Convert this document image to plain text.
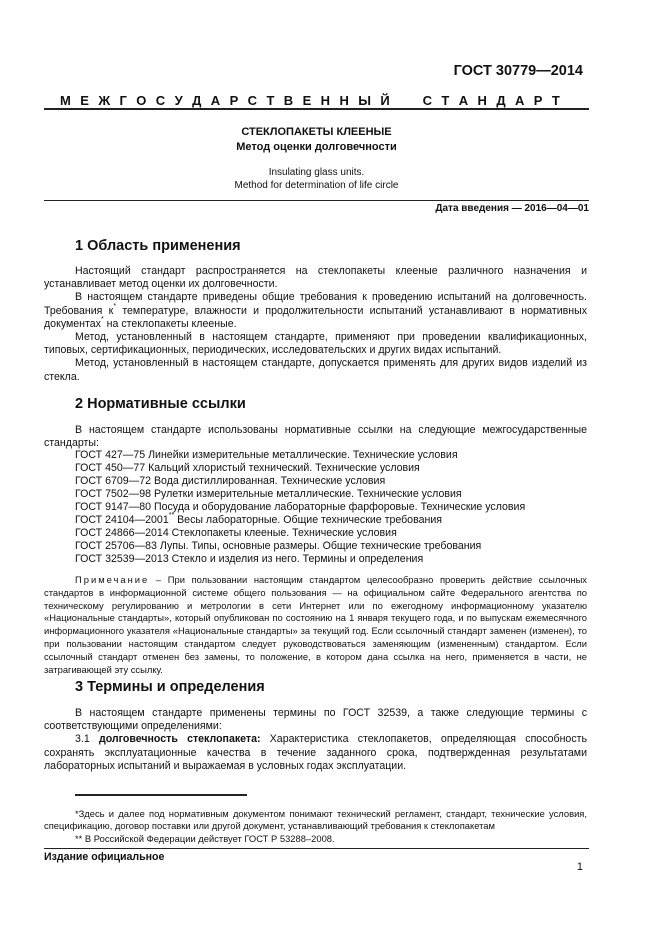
ГОСТ 30779—2014
М Е Ж Г О С У Д А Р С Т В Е Н Н Ы Й	С Т А Н Д А Р Т
СТЕКЛОПАКЕТЫ КЛЕЕНЫЕ
Метод оценки долговечности
Insulating glass units.
Method for determination of life circle
Дата введения — 2016—04—01
1 Область применения

Настоящий стандарт распространяется на стеклопакеты клееные различного назначения и устанавливает метод оценки их долговечности.

В настоящем стандарте приведены общие требования к проведению испытаний на долговечность. Требования к* температуре, влажности и продолжительности испытаний устанавливают в нормативных документах* на стеклопакеты клееные.

Метод, установленный в настоящем стандарте, применяют при проведении квалификационных, типовых, сертификационных, периодических, исследовательских и других видах испытаний.

Метод, установленный в настоящем стандарте, допускается применять для других видов изделий из стекла.

2 Нормативные ссылки

В настоящем стандарте использованы нормативные ссылки на следующие межгосударственные стандарты:

ГОСТ 427—75 Линейки измерительные металлические. Технические условия
ГОСТ 450—77 Кальций хлористый технический. Технические условия
ГОСТ 6709—72 Вода дистиллированная. Технические условия
ГОСТ 7502—98 Рулетки измерительные металлические. Технические условия
ГОСТ 9147—80 Посуда и оборудование лабораторные фарфоровые. Технические условия
ГОСТ 24104—2001** Весы лабораторные. Общие технические требования
ГОСТ 24866—2014 Стеклопакеты клееные. Технические условия
ГОСТ 25706—83 Лупы. Типы, основные размеры. Общие технические требования
ГОСТ 32539—2013 Стекло и изделия из него. Термины и определения
Примечание – При пользовании настоящим стандартом целесообразно проверить действие ссылочных стандартов в информационной системе общего пользования — на официальном сайте Федерального агентства по техническому регулированию и метрологии в сети Интернет или по ежегодному информационному указателю «Национальные стандарты», который опубликован по состоянию на 1 января текущего года, и по выпускам ежемесячного информационного указателя «Национальные стандарты» за текущий год. Если ссылочный стандарт заменен (изменен), то при пользовании настоящим стандартом следует руководствоваться заменяющим (измененным) стандартом. Если ссылочный стандарт отменен без замены, то положение, в котором дана ссылка на него, применяется в части, не затрагивающей эту ссылку.
3 Термины и определения

В настоящем стандарте применены термины по ГОСТ 32539, а также следующие термины с соответствующими определениями:

3.1 долговечность стеклопакета: Характеристика стеклопакетов, определяющая способность сохранять эксплуатационные качества в течение заданного срока, подтвержденная результатами лабораторных испытаний и выражаемая в условных годах эксплуатации.

*Здесь и далее под нормативным документом понимают технический регламент, стандарт, технические условия, спецификацию, договор поставки или другой документ, устанавливающий требования к стеклопакетам

** В Российской Федерации действует ГОСТ Р 53288–2008.

Издание официальное
1
